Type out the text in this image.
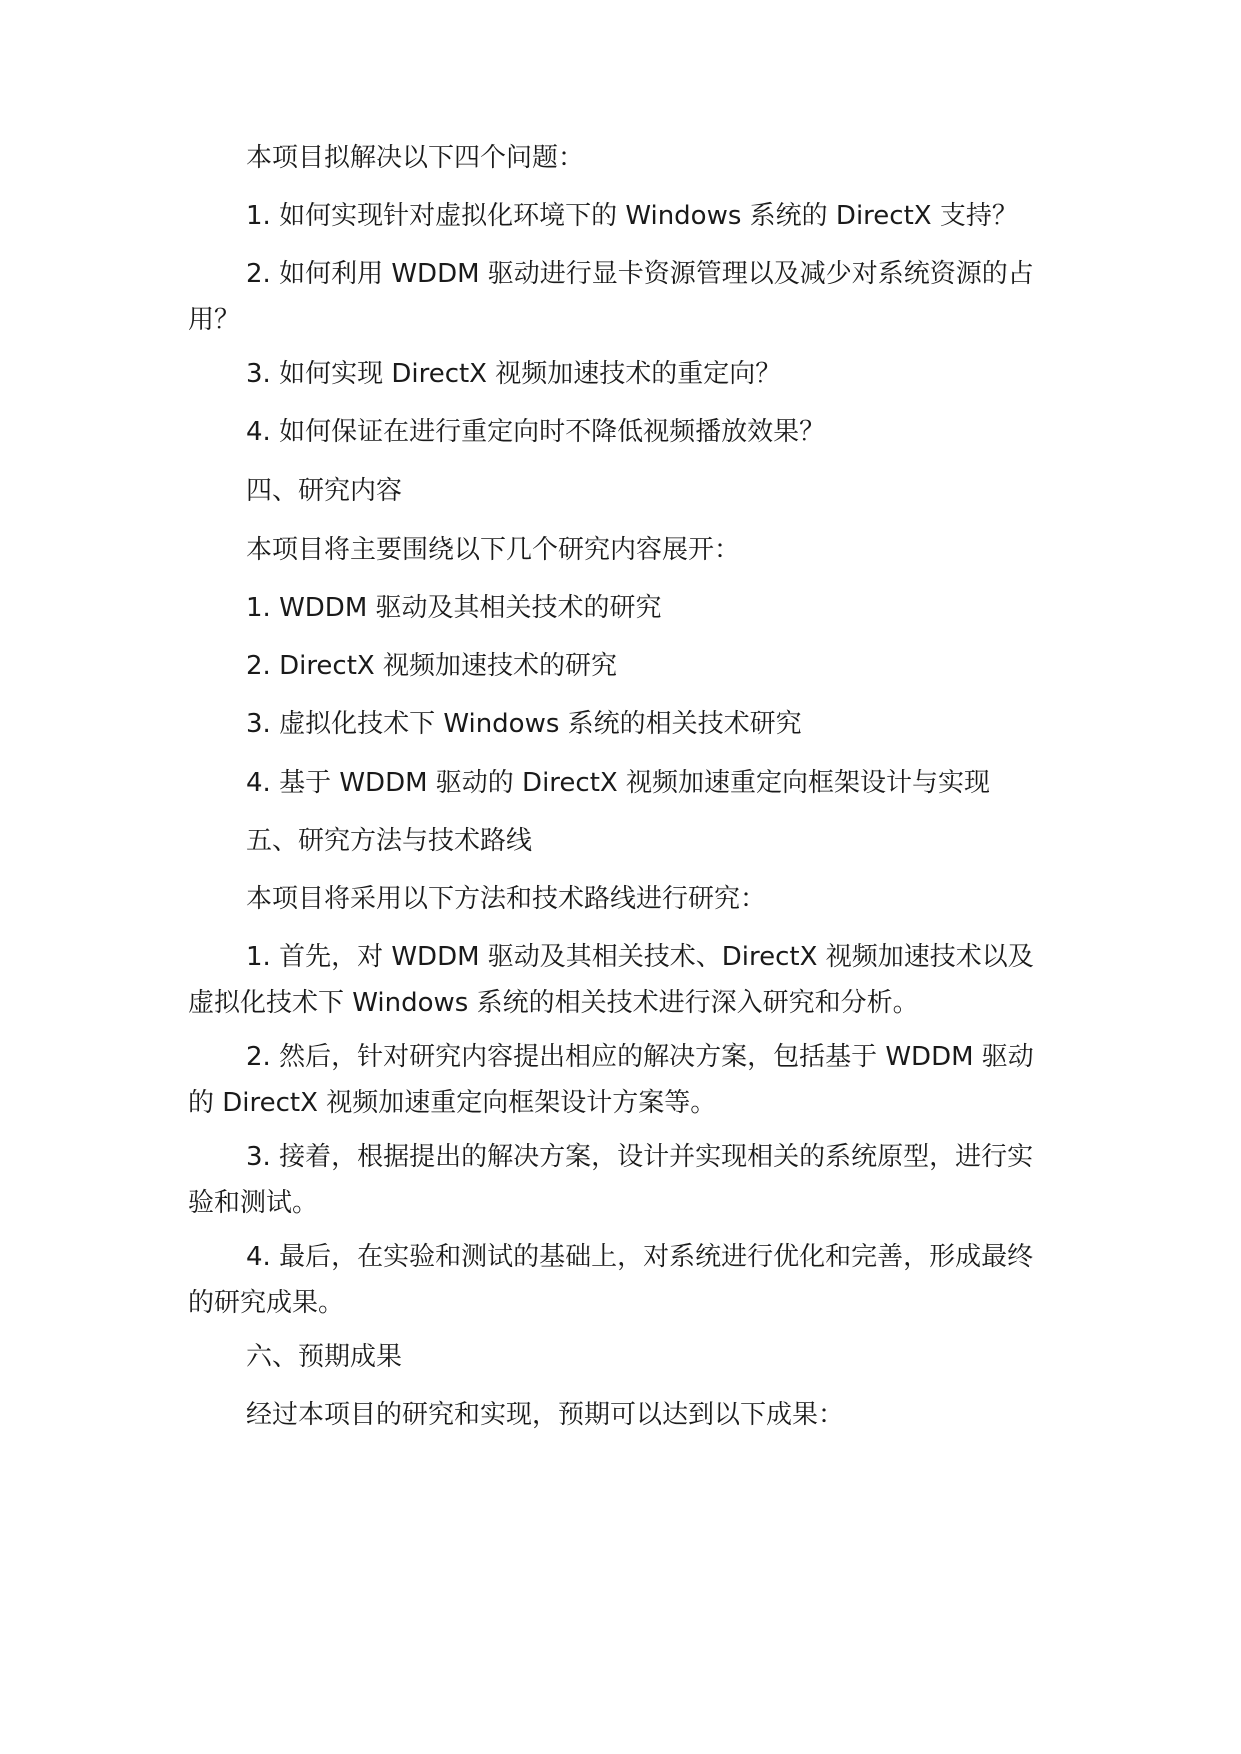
本项目拟解决以下四个问题：

1. 如何实现针对虚拟化环境下的 Windows 系统的 DirectX 支持？

2. 如何利用 WDDM 驱动进行显卡资源管理以及减少对系统资源的占用？

3. 如何实现 DirectX 视频加速技术的重定向？

4. 如何保证在进行重定向时不降低视频播放效果？

四、研究内容

本项目将主要围绕以下几个研究内容展开：

1. WDDM 驱动及其相关技术的研究

2. DirectX 视频加速技术的研究

3. 虚拟化技术下 Windows 系统的相关技术研究

4. 基于 WDDM 驱动的 DirectX 视频加速重定向框架设计与实现

五、研究方法与技术路线

本项目将采用以下方法和技术路线进行研究：

1. 首先，对 WDDM 驱动及其相关技术、DirectX 视频加速技术以及虚拟化技术下 Windows 系统的相关技术进行深入研究和分析。

2. 然后，针对研究内容提出相应的解决方案，包括基于 WDDM 驱动的 DirectX 视频加速重定向框架设计方案等。

3. 接着，根据提出的解决方案，设计并实现相关的系统原型，进行实验和测试。

4. 最后，在实验和测试的基础上，对系统进行优化和完善，形成最终的研究成果。

六、预期成果

经过本项目的研究和实现，预期可以达到以下成果：
